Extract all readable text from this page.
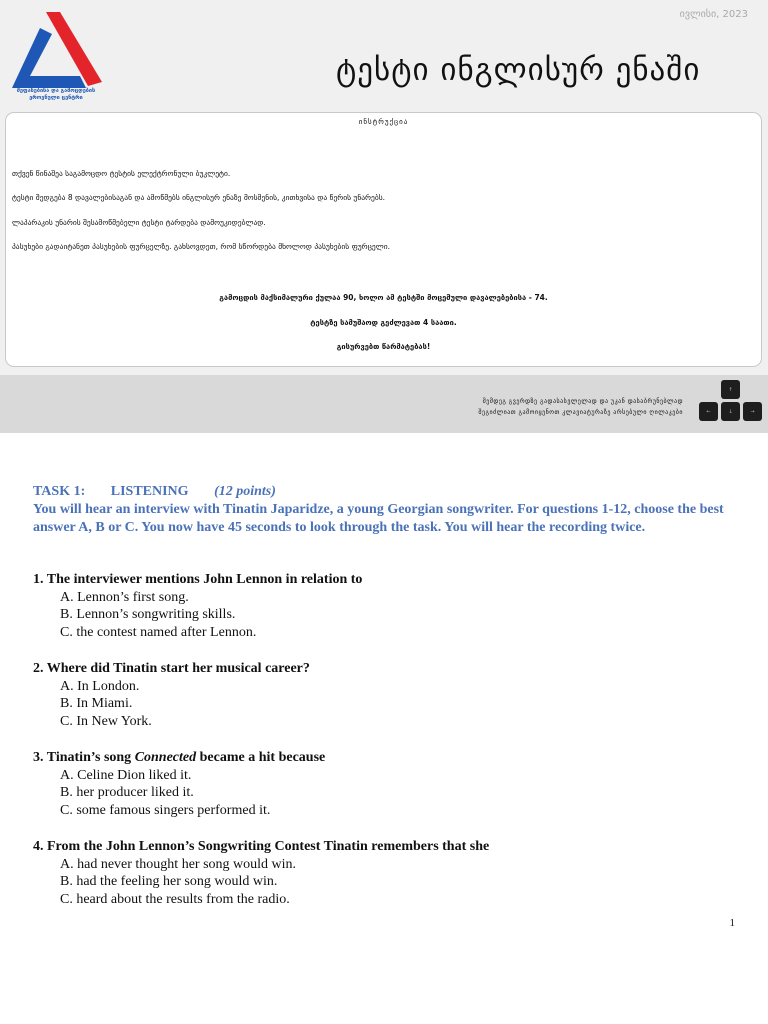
შეფასებისა და გამოცდების
ეროვნული ცენტრი
ივლისი, 2023
ტესტი ინგლისურ ენაში
ინსტრუქცია
თქვენ წინაშეა საგამოცდო ტესტის ელექტრონული ბუკლეტი.
ტესტი შედგება 8 დავალებისაგან და ამოწმებს ინგლისურ ენაზე მოსმენის, კითხვისა და წერის უნარებს.
ლაპარაკის უნარის შესამოწმებელი ტესტი ტარდება დამოუკიდებლად.
პასუხები გადაიტანეთ პასუხების ფურცელზე. გახსოვდეთ, რომ სწორდება მხოლოდ პასუხების ფურცელი.
გამოცდის მაქსიმალური ქულაა 90, ხოლო ამ ტესტში მოცემული დავალებებისა - 74.
ტესტზე სამუშაოდ გეძლევათ 4 საათი.
გისურვებთ წარმატებას!
შემდეგ გვერდზე გადასასვლელად და უკან დასაბრუნებლად
შეგიძლიათ გამოიყენოთ კლავიატურაზე არსებული ღილაკები
↑
←	↓	→
TASK 1: LISTENING (12 points)
You will hear an interview with Tinatin Japaridze, a young Georgian songwriter. For questions 1-12, choose the best answer A, B or C. You now have 45 seconds to look through the task. You will hear the recording twice.
1. The interviewer mentions John Lennon in relation to
A. Lennon’s first song.
B. Lennon’s songwriting skills.
C. the contest named after Lennon.
2. Where did Tinatin start her musical career?
A. In London.
B. In Miami.
C. In New York.
3. Tinatin’s song Connected became a hit because
A. Celine Dion liked it.
B. her producer liked it.
C. some famous singers performed it.
4. From the John Lennon’s Songwriting Contest Tinatin remembers that she
A. had never thought her song would win.
B. had the feeling her song would win.
C. heard about the results from the radio.
1
